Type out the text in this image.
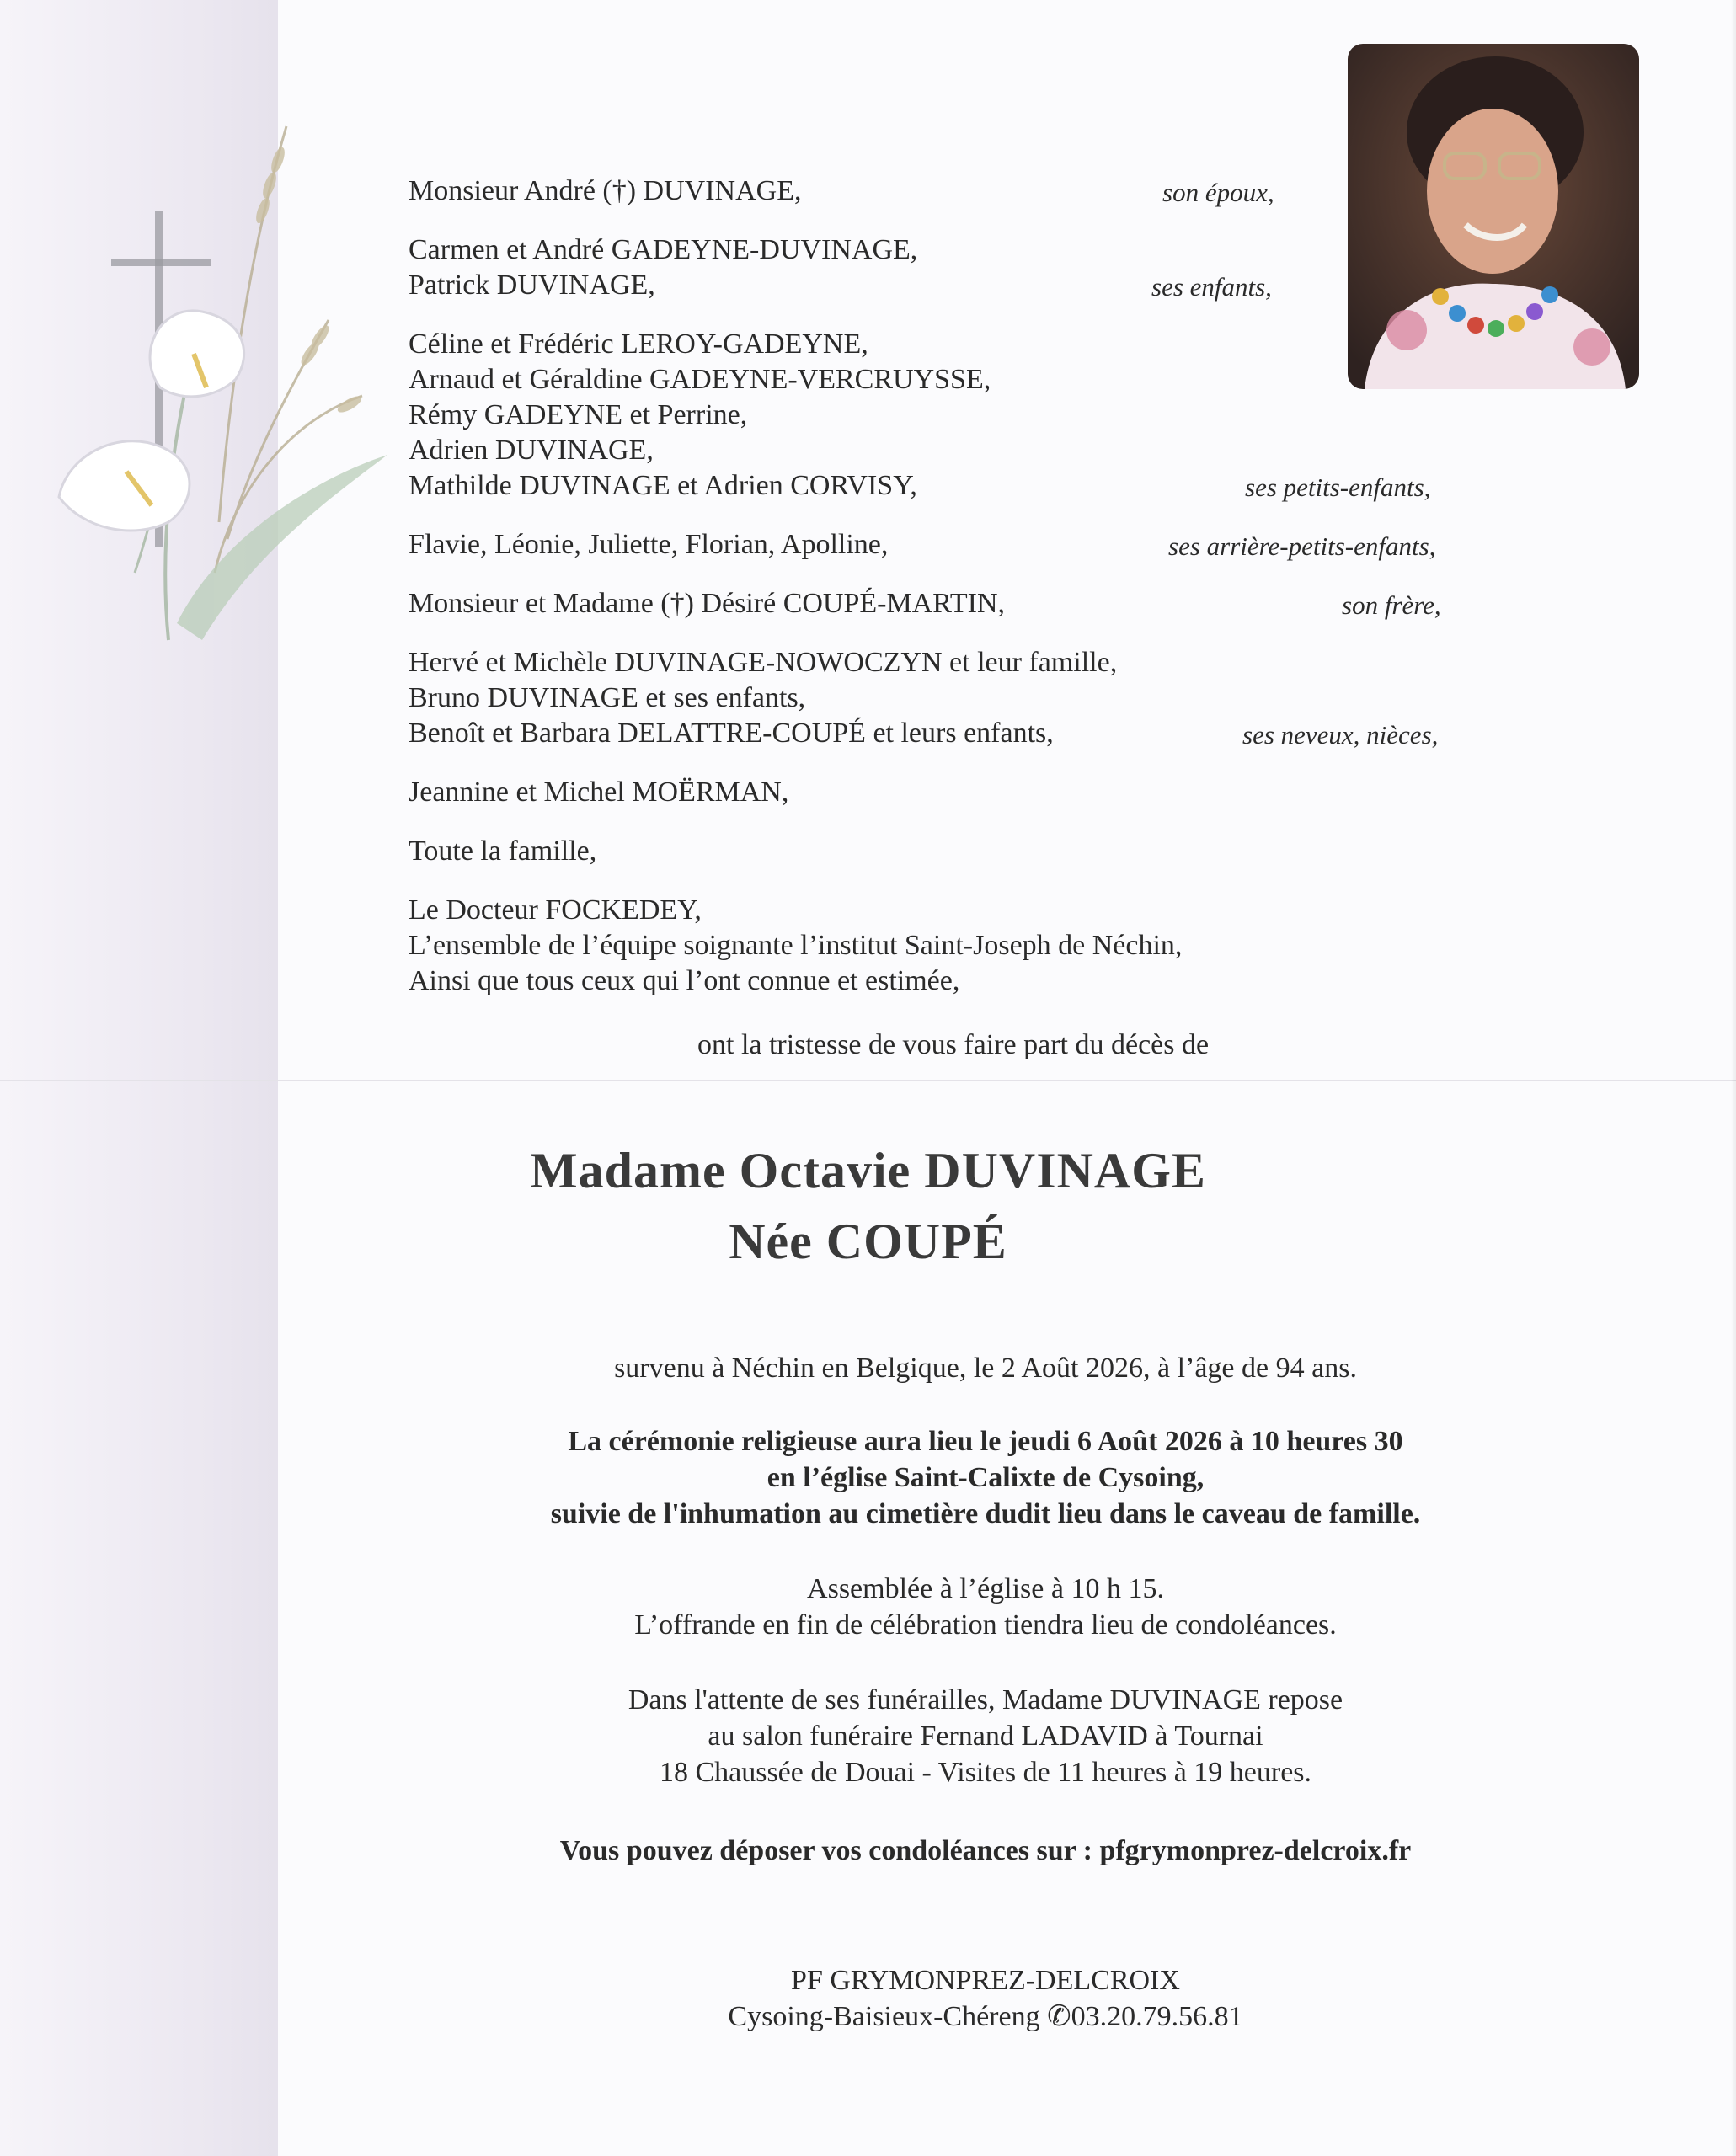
Monsieur André (†) DUVINAGE,	son époux,
Carmen et André GADEYNE-DUVINAGE,
Patrick DUVINAGE,	ses enfants,
Céline et Frédéric LEROY-GADEYNE,
Arnaud et Géraldine GADEYNE-VERCRUYSSE,
Rémy GADEYNE et Perrine,
Adrien DUVINAGE,
Mathilde DUVINAGE et Adrien CORVISY,	ses petits-enfants,
Flavie, Léonie, Juliette, Florian, Apolline,	ses arrière-petits-enfants,
Monsieur et Madame (†) Désiré COUPÉ-MARTIN,	son frère,
Hervé et Michèle DUVINAGE-NOWOCZYN et leur famille,
Bruno DUVINAGE et ses enfants,
Benoît et Barbara DELATTRE-COUPÉ et leurs enfants,	ses neveux, nièces,
Jeannine et Michel MOËRMAN,
Toute la famille,
Le Docteur FOCKEDEY,
L’ensemble de l’équipe soignante l’institut Saint-Joseph de Néchin,
Ainsi que tous ceux qui l’ont connue et estimée,
ont la tristesse de vous faire part du décès de
Madame Octavie DUVINAGE
Née COUPÉ
survenu à Néchin en Belgique, le 2 Août 2026, à l’âge de 94 ans.
La cérémonie religieuse aura lieu le jeudi 6 Août 2026 à 10 heures 30
en l’église Saint-Calixte de Cysoing,
suivie de l'inhumation au cimetière dudit lieu dans le caveau de famille.
Assemblée à l’église à 10 h 15.
L’offrande en fin de célébration tiendra lieu de condoléances.
Dans l'attente de ses funérailles, Madame DUVINAGE repose
au salon funéraire Fernand LADAVID à Tournai
18 Chaussée de Douai - Visites de 11 heures à 19 heures.
Vous pouvez déposer vos condoléances sur : pfgrymonprez-delcroix.fr
PF GRYMONPREZ-DELCROIX
Cysoing-Baisieux-Chéreng ✆03.20.79.56.81
